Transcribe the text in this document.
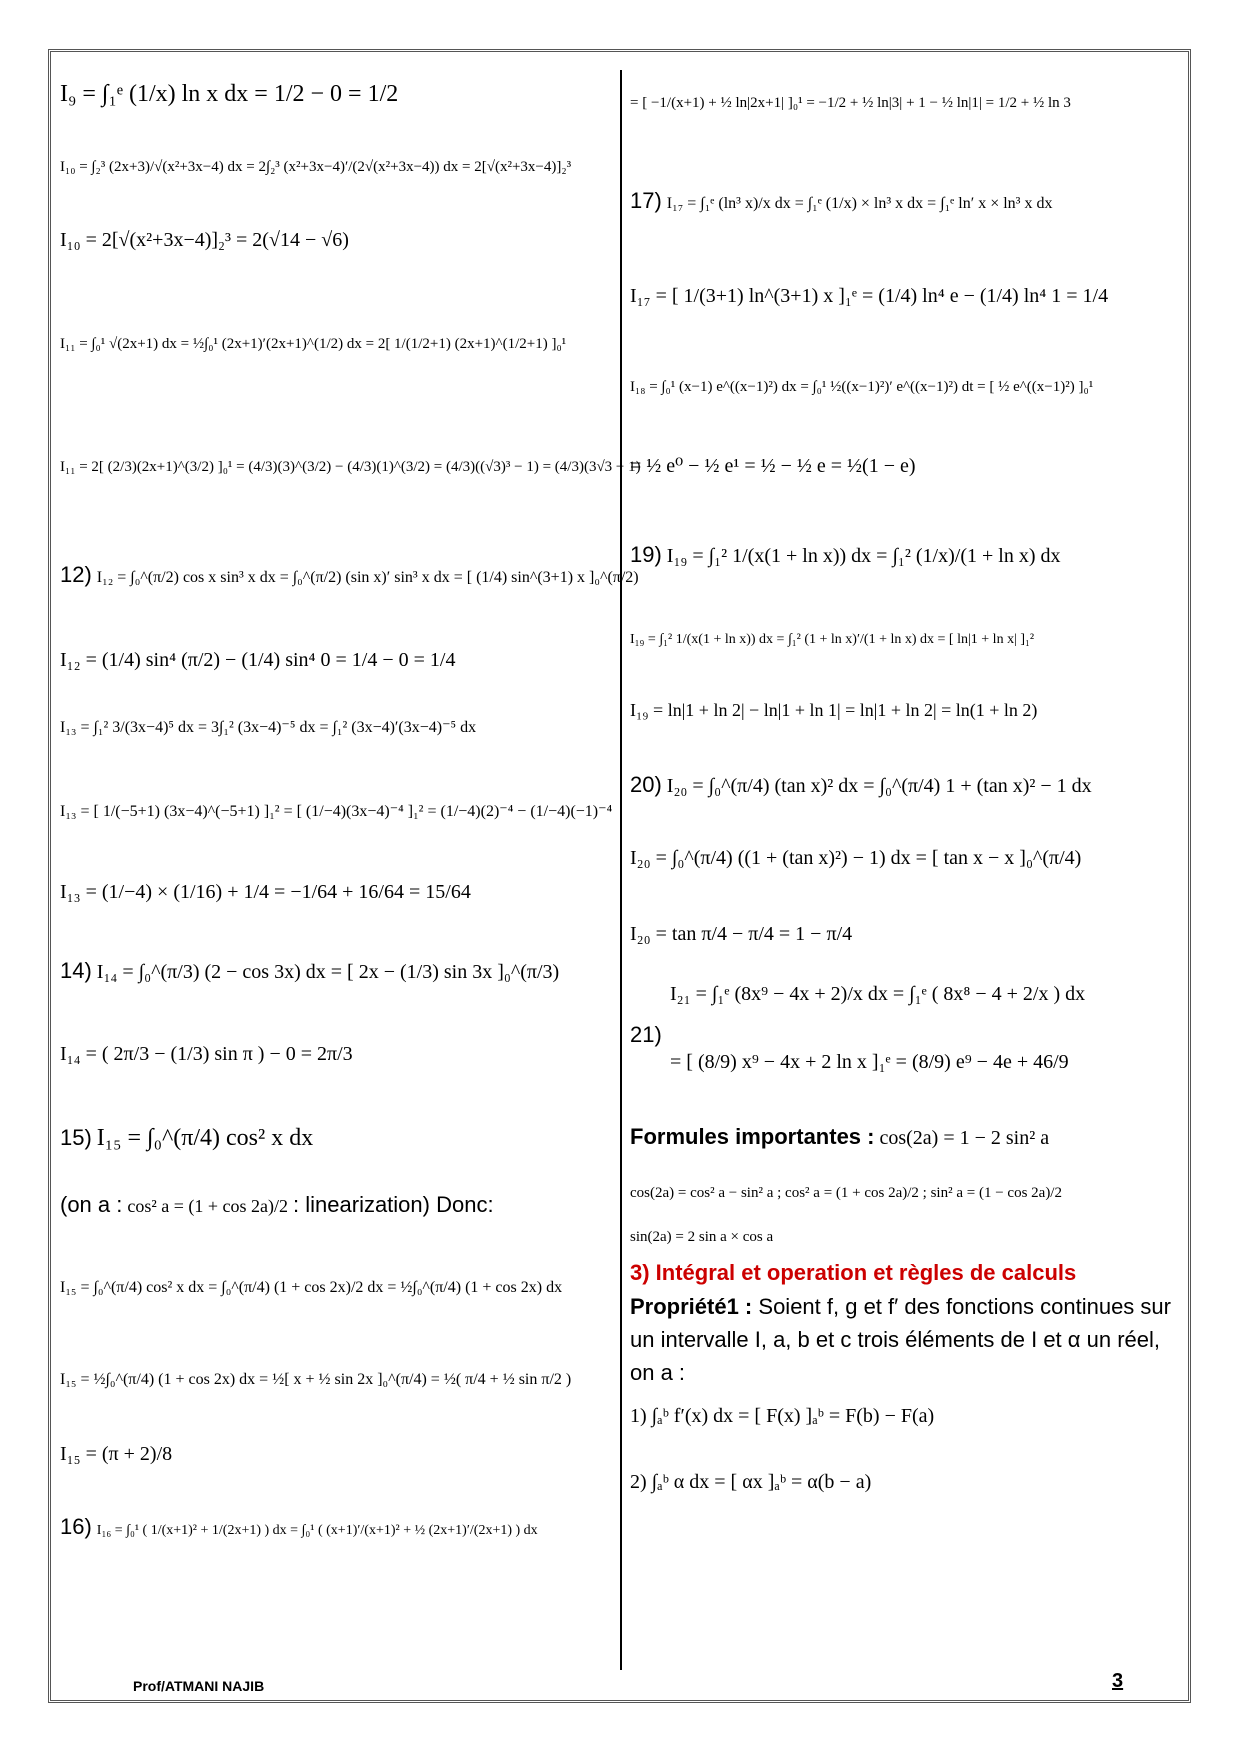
I₉ = ∫₁ᵉ (1/x) ln x dx = 1/2 − 0 = 1/2
I₁₀ = ∫₂³ (2x+3)/√(x²+3x−4) dx = 2∫₂³ (x²+3x−4)′/(2√(x²+3x−4)) dx = 2[√(x²+3x−4)]₂³
I₁₀ = 2[√(x²+3x−4)]₂³ = 2(√14 − √6)
I₁₁ = ∫₀¹ √(2x+1) dx = ½∫₀¹ (2x+1)′(2x+1)^(1/2) dx = 2[ 1/(1/2+1) (2x+1)^(1/2+1) ]₀¹
I₁₁ = 2[ (2/3)(2x+1)^(3/2) ]₀¹ = (4/3)(3)^(3/2) − (4/3)(1)^(3/2) = (4/3)((√3)³ − 1) = (4/3)(3√3 − 1)
12) I₁₂ = ∫₀^(π/2) cos x sin³ x dx = ∫₀^(π/2) (sin x)′ sin³ x dx = [ (1/4) sin^(3+1) x ]₀^(π/2)
I₁₂ = (1/4) sin⁴ (π/2) − (1/4) sin⁴ 0 = 1/4 − 0 = 1/4
I₁₃ = ∫₁² 3/(3x−4)⁵ dx = 3∫₁² (3x−4)⁻⁵ dx = ∫₁² (3x−4)′(3x−4)⁻⁵ dx
I₁₃ = [ 1/(−5+1) (3x−4)^(−5+1) ]₁² = [ (1/−4)(3x−4)⁻⁴ ]₁² = (1/−4)(2)⁻⁴ − (1/−4)(−1)⁻⁴
I₁₃ = (1/−4) × (1/16) + 1/4 = −1/64 + 16/64 = 15/64
14) I₁₄ = ∫₀^(π/3) (2 − cos 3x) dx = [ 2x − (1/3) sin 3x ]₀^(π/3)
I₁₄ = ( 2π/3 − (1/3) sin π ) − 0 = 2π/3
15) I₁₅ = ∫₀^(π/4) cos² x dx
(on a : cos² a = (1 + cos 2a)/2 : linearization) Donc:
I₁₅ = ∫₀^(π/4) cos² x dx = ∫₀^(π/4) (1 + cos 2x)/2 dx = ½∫₀^(π/4) (1 + cos 2x) dx
I₁₅ = ½∫₀^(π/4) (1 + cos 2x) dx = ½[ x + ½ sin 2x ]₀^(π/4) = ½( π/4 + ½ sin π/2 )
I₁₅ = (π + 2)/8
16) I₁₆ = ∫₀¹ ( 1/(x+1)² + 1/(2x+1) ) dx = ∫₀¹ ( (x+1)′/(x+1)² + ½ (2x+1)′/(2x+1) ) dx
= [ −1/(x+1) + ½ ln|2x+1| ]₀¹ = −1/2 + ½ ln|3| + 1 − ½ ln|1| = 1/2 + ½ ln 3
17) I₁₇ = ∫₁ᵉ (ln³ x)/x dx = ∫₁ᵉ (1/x) × ln³ x dx = ∫₁ᵉ ln′ x × ln³ x dx
I₁₇ = [ 1/(3+1) ln^(3+1) x ]₁ᵉ = (1/4) ln⁴ e − (1/4) ln⁴ 1 = 1/4
I₁₈ = ∫₀¹ (x−1) e^((x−1)²) dx = ∫₀¹ ½((x−1)²)′ e^((x−1)²) dt = [ ½ e^((x−1)²) ]₀¹
= ½ e⁰ − ½ e¹ = ½ − ½ e = ½(1 − e)
19) I₁₉ = ∫₁² 1/(x(1 + ln x)) dx = ∫₁² (1/x)/(1 + ln x) dx
I₁₉ = ∫₁² 1/(x(1 + ln x)) dx = ∫₁² (1 + ln x)′/(1 + ln x) dx = [ ln|1 + ln x| ]₁²
I₁₉ = ln|1 + ln 2| − ln|1 + ln 1| = ln|1 + ln 2| = ln(1 + ln 2)
20) I₂₀ = ∫₀^(π/4) (tan x)² dx = ∫₀^(π/4) 1 + (tan x)² − 1 dx
I₂₀ = ∫₀^(π/4) ((1 + (tan x)²) − 1) dx = [ tan x − x ]₀^(π/4)
I₂₀ = tan π/4 − π/4 = 1 − π/4
21)
I₂₁ = ∫₁ᵉ (8x⁹ − 4x + 2)/x dx = ∫₁ᵉ ( 8x⁸ − 4 + 2/x ) dx
= [ (8/9) x⁹ − 4x + 2 ln x ]₁ᵉ = (8/9) e⁹ − 4e + 46/9
Formules importantes : cos(2a) = 1 − 2 sin² a
cos(2a) = cos² a − sin² a ; cos² a = (1 + cos 2a)/2 ; sin² a = (1 − cos 2a)/2
sin(2a) = 2 sin a × cos a
3) Intégral et operation et règles de calculs
Propriété1 : Soient f, g et f′ des fonctions continues sur un intervalle I, a, b et c trois éléments de I et α un réel, on a :
1) ∫ₐᵇ f′(x) dx = [ F(x) ]ₐᵇ = F(b) − F(a)
2) ∫ₐᵇ α dx = [ αx ]ₐᵇ = α(b − a)
Prof/ATMANI NAJIB	3
